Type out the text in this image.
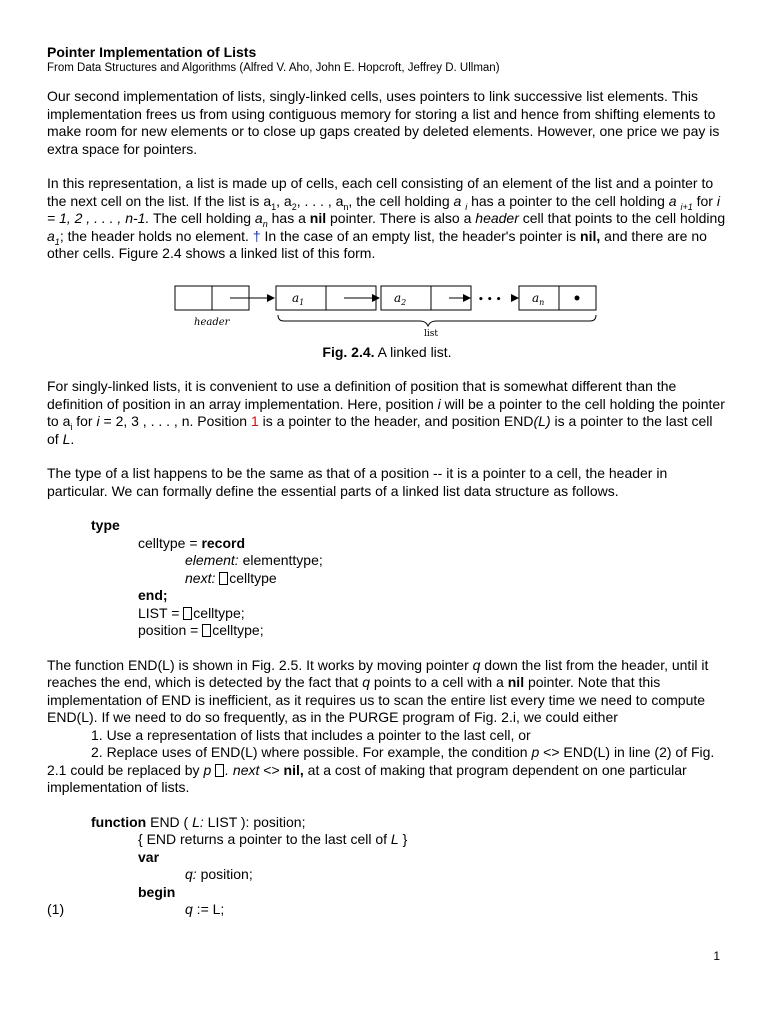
Pointer Implementation of Lists

From Data Structures and Algorithms (Alfred V. Aho, John E. Hopcroft, Jeffrey D. Ullman)

Our second implementation of lists, singly-linked cells, uses pointers to link successive list elements. This implementation frees us from using contiguous memory for storing a list and hence from shifting elements to make room for new elements or to close up gaps created by deleted elements. However, one price we pay is extra space for pointers.

In this representation, a list is made up of cells, each cell consisting of an element of the list and a pointer to the next cell on the list. If the list is $a_1$, $a_2$, . . . , $a_n$, the cell holding a $_i$ has a pointer to the cell holding a $_{i+1}$ for i = 1, 2 , . . . , n-1. The cell holding $a_n$ has a nil pointer. There is also a header cell that points to the cell holding $a_1$; the header holds no element. † In the case of an empty list, the header's pointer is nil, and there are no other cells. Figure 2.4 shows a linked list of this form.

$a_1$	$a_2$	• • •	$a_n$
header
list

Fig. 2.4. A linked list.

For singly-linked lists, it is convenient to use a definition of position that is somewhat different than the definition of position in an array implementation. Here, position i will be a pointer to the cell holding the pointer to $a_i$ for i = 2, 3 , . . . , n. Position 1 is a pointer to the header, and position END(L) is a pointer to the last cell of L.

The type of a list happens to be the same as that of a position -- it is a pointer to a cell, the header in particular. We can formally define the essential parts of a linked list data structure as follows.

type
celltype = record
element: elementtype;
next: celltype
end;
LIST = celltype;
position = celltype;

The function END(L) is shown in Fig. 2.5. It works by moving pointer q down the list from the header, until it reaches the end, which is detected by the fact that q points to a cell with a nil pointer. Note that this implementation of END is inefficient, as it requires us to scan the entire list every time we need to compute END(L). If we need to do so frequently, as in the PURGE program of Fig. 2.i, we could either

1. Use a representation of lists that includes a pointer to the last cell, or

2. Replace uses of END(L) where possible. For example, the condition p <> END(L) in line (2) of Fig. 2.1 could be replaced by p . next <> nil, at a cost of making that program dependent on one particular implementation of lists.

function END ( L: LIST ): position;
{ END returns a pointer to the last cell of L }
var
q: position;
begin
(1)	q := L;
1
